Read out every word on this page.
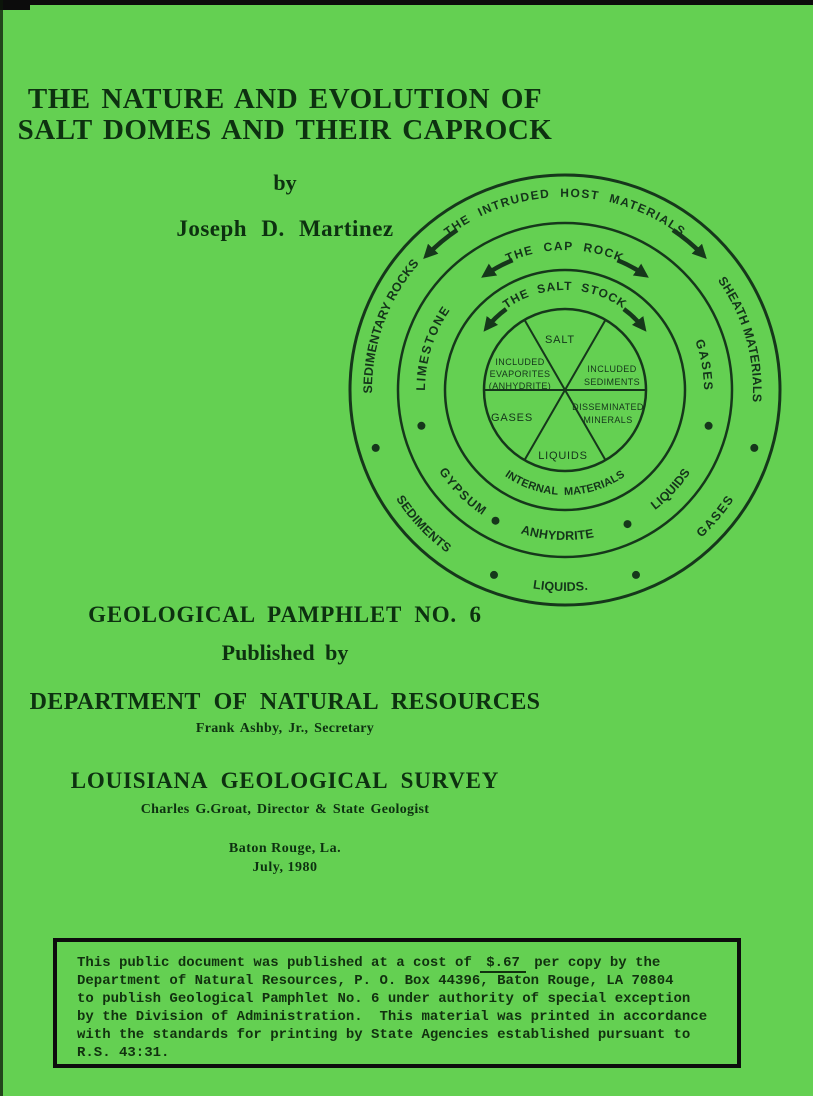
THE NATURE AND EVOLUTION OF
SALT DOMES AND THEIR CAPROCK
by
Joseph D. Martinez
GEOLOGICAL PAMPHLET NO. 6
Published by
DEPARTMENT OF NATURAL RESOURCES
Frank Ashby, Jr., Secretary
LOUISIANA GEOLOGICAL SURVEY
Charles G.Groat, Director & State Geologist
Baton Rouge, La.
July, 1980
THE INTRUDED HOST MATERIALS
THE CAP ROCK
THE SALT STOCK
INTERNAL MATERIALS
LIMESTONE
GASES
GYPSUM
ANHYDRITE
LIQUIDS
SEDIMENTARY ROCKS
SHEATH MATERIALS
SEDIMENTS
LIQUIDS.
GASES
SALT
INCLUDED
EVAPORITES
(ANHYDRITE)
INCLUDED
SEDIMENTS
DISSEMINATED
MINERALS
GASES
LIQUIDS
This public document was published at a cost of $.67 per copy by the
Department of Natural Resources, P. O. Box 44396, Baton Rouge, LA 70804
to publish Geological Pamphlet No. 6 under authority of special exception
by the Division of Administration.  This material was printed in accordance
with the standards for printing by State Agencies established pursuant to
R.S. 43:31.
